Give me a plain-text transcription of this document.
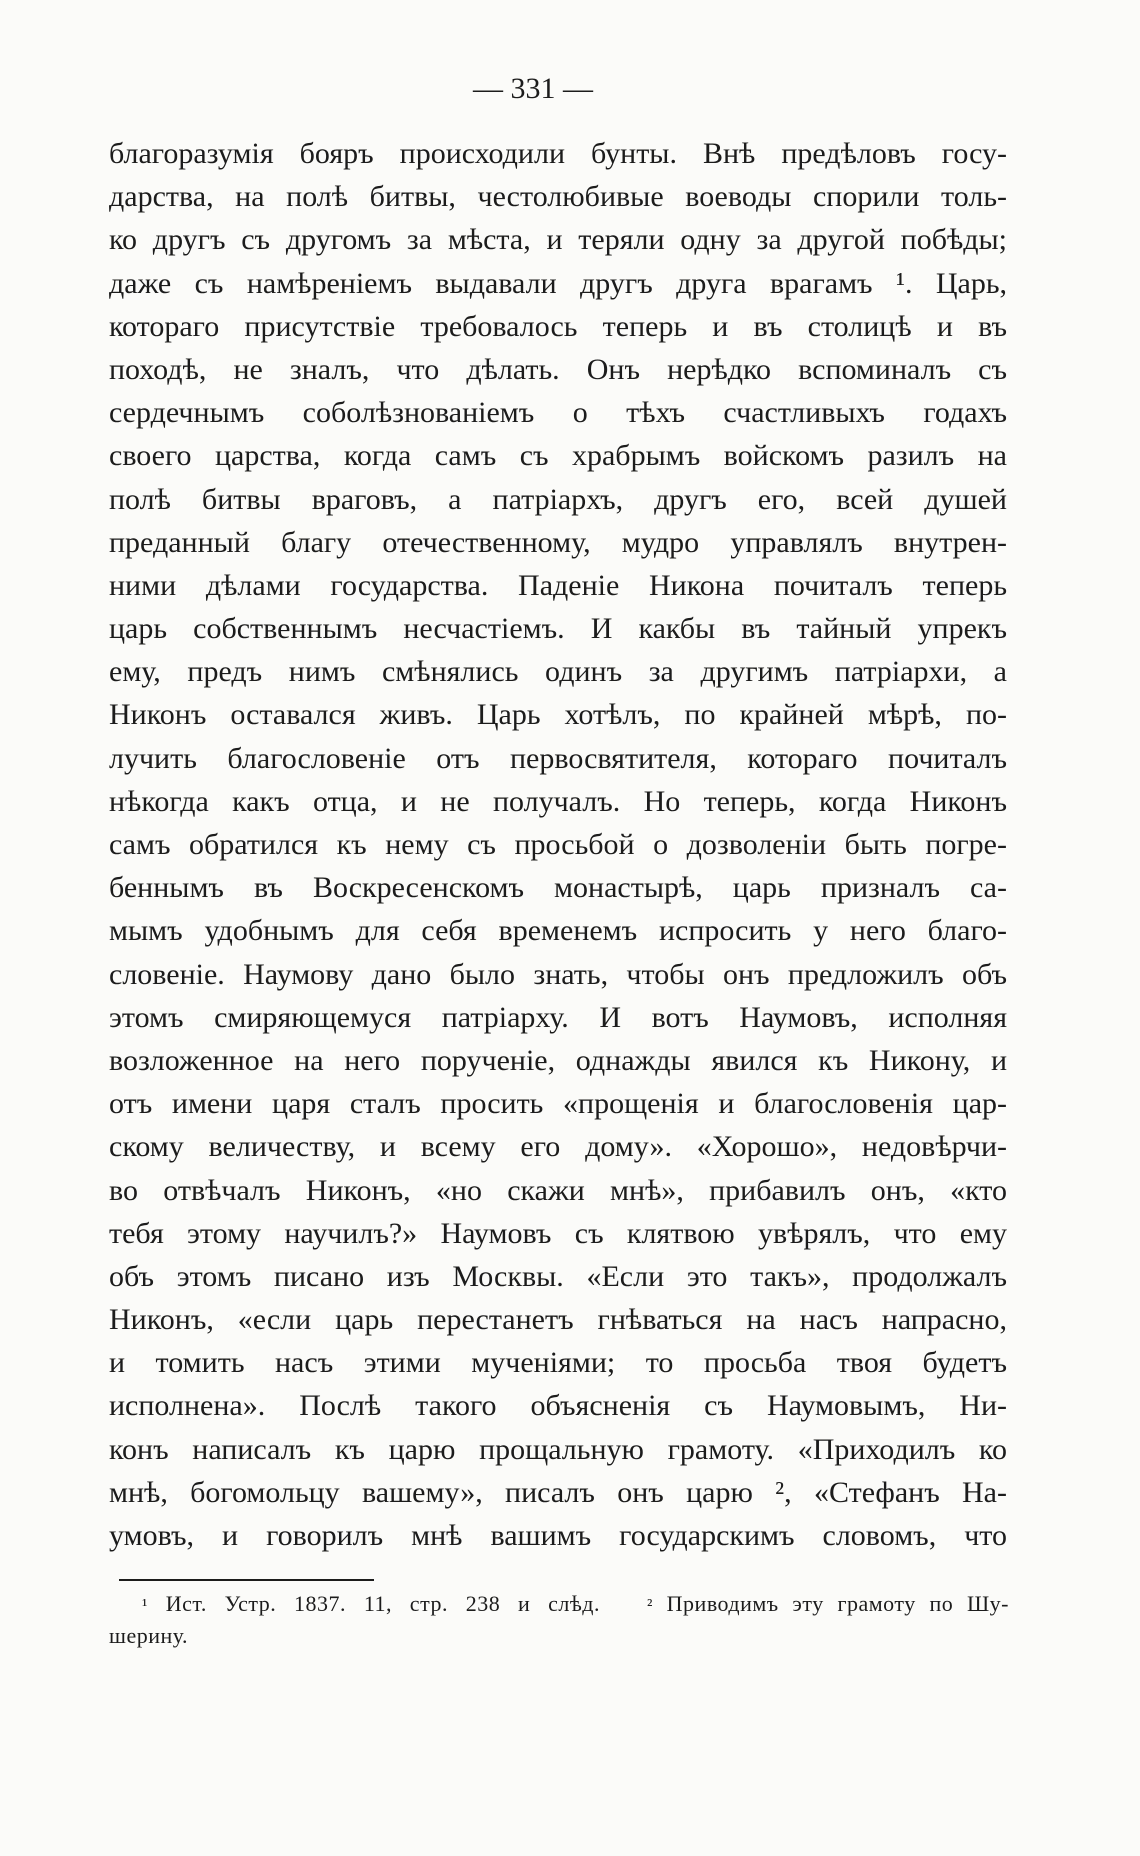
— 331 —
благоразумія бояръ происходили бунты. Внѣ предѣловъ госу-
дарства, на полѣ битвы, честолюбивые воеводы спорили толь-
ко другъ съ другомъ за мѣста, и теряли одну за другой побѣды;
даже съ намѣреніемъ выдавали другъ друга врагамъ ¹. Царь,
котораго присутствіе требовалось теперь и въ столицѣ и въ
походѣ, не зналъ, что дѣлать. Онъ нерѣдко вспоминалъ съ
сердечнымъ соболѣзнованіемъ о тѣхъ счастливыхъ годахъ
своего царства, когда самъ съ храбрымъ войскомъ разилъ на
полѣ битвы враговъ, а патріархъ, другъ его, всей душей
преданный благу отечественному, мудро управлялъ внутрен-
ними дѣлами государства. Паденіе Никона почиталъ теперь
царь собственнымъ несчастіемъ. И какбы въ тайный упрекъ
ему, предъ нимъ смѣнялись одинъ за другимъ патріархи, а
Никонъ оставался живъ. Царь хотѣлъ, по крайней мѣрѣ, по-
лучить благословеніе отъ первосвятителя, котораго почиталъ
нѣкогда какъ отца, и не получалъ. Но теперь, когда Никонъ
самъ обратился къ нему съ просьбой о дозволеніи быть погре-
беннымъ въ Воскресенскомъ монастырѣ, царь призналъ са-
мымъ удобнымъ для себя временемъ испросить у него благо-
словеніе. Наумову дано было знать, чтобы онъ предложилъ объ
этомъ смиряющемуся патріарху. И вотъ Наумовъ, исполняя
возложенное на него порученіе, однажды явился къ Никону, и
отъ имени царя сталъ просить «прощенія и благословенія цар-
скому величеству, и всему его дому». «Хорошо», недовѣрчи-
во отвѣчалъ Никонъ, «но скажи мнѣ», прибавилъ онъ, «кто
тебя этому научилъ?» Наумовъ съ клятвою увѣрялъ, что ему
объ этомъ писано изъ Москвы. «Если это такъ», продолжалъ
Никонъ, «если царь перестанетъ гнѣваться на насъ напрасно,
и томить насъ этими мученіями; то просьба твоя будетъ
исполнена». Послѣ такого объясненія съ Наумовымъ, Ни-
конъ написалъ къ царю прощальную грамоту. «Приходилъ ко
мнѣ, богомольцу вашему», писалъ онъ царю ², «Стефанъ На-
умовъ, и говорилъ мнѣ вашимъ государскимъ словомъ, что
¹ Ист. Устр. 1837. 11, стр. 238 и слѣд.	² Приводимъ эту грамоту по Шу-
шерину.
